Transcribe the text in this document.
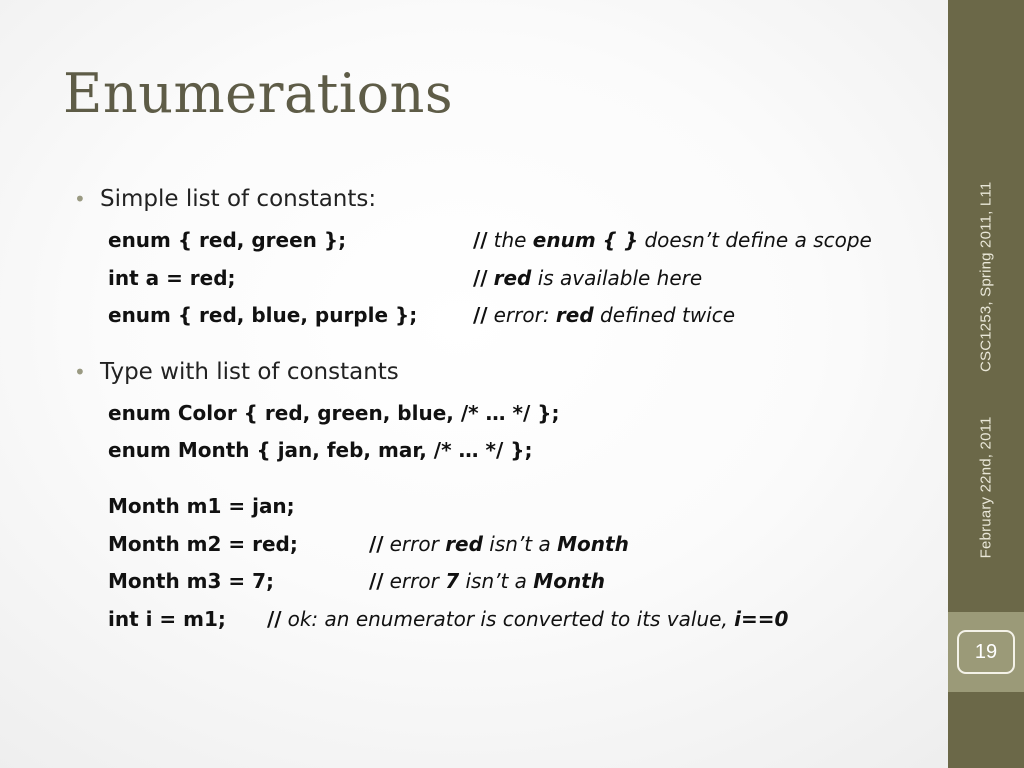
Enumerations
• Simple list of constants:
enum { red, green };	// the enum { } doesn’t define a scope
int a = red;	// red is available here
enum { red, blue, purple };	// error: red defined twice
• Type with list of constants
enum Color { red, green, blue, /* … */ };
enum Month { jan, feb, mar, /* … */ };
Month m1 = jan;
Month m2 = red;	// error red isn’t a Month
Month m3 = 7;	// error 7 isn’t a Month
int i = m1; // ok: an enumerator is converted to its value, i==0
19
February 22nd, 2011 CSC1253, Spring 2011, L11
